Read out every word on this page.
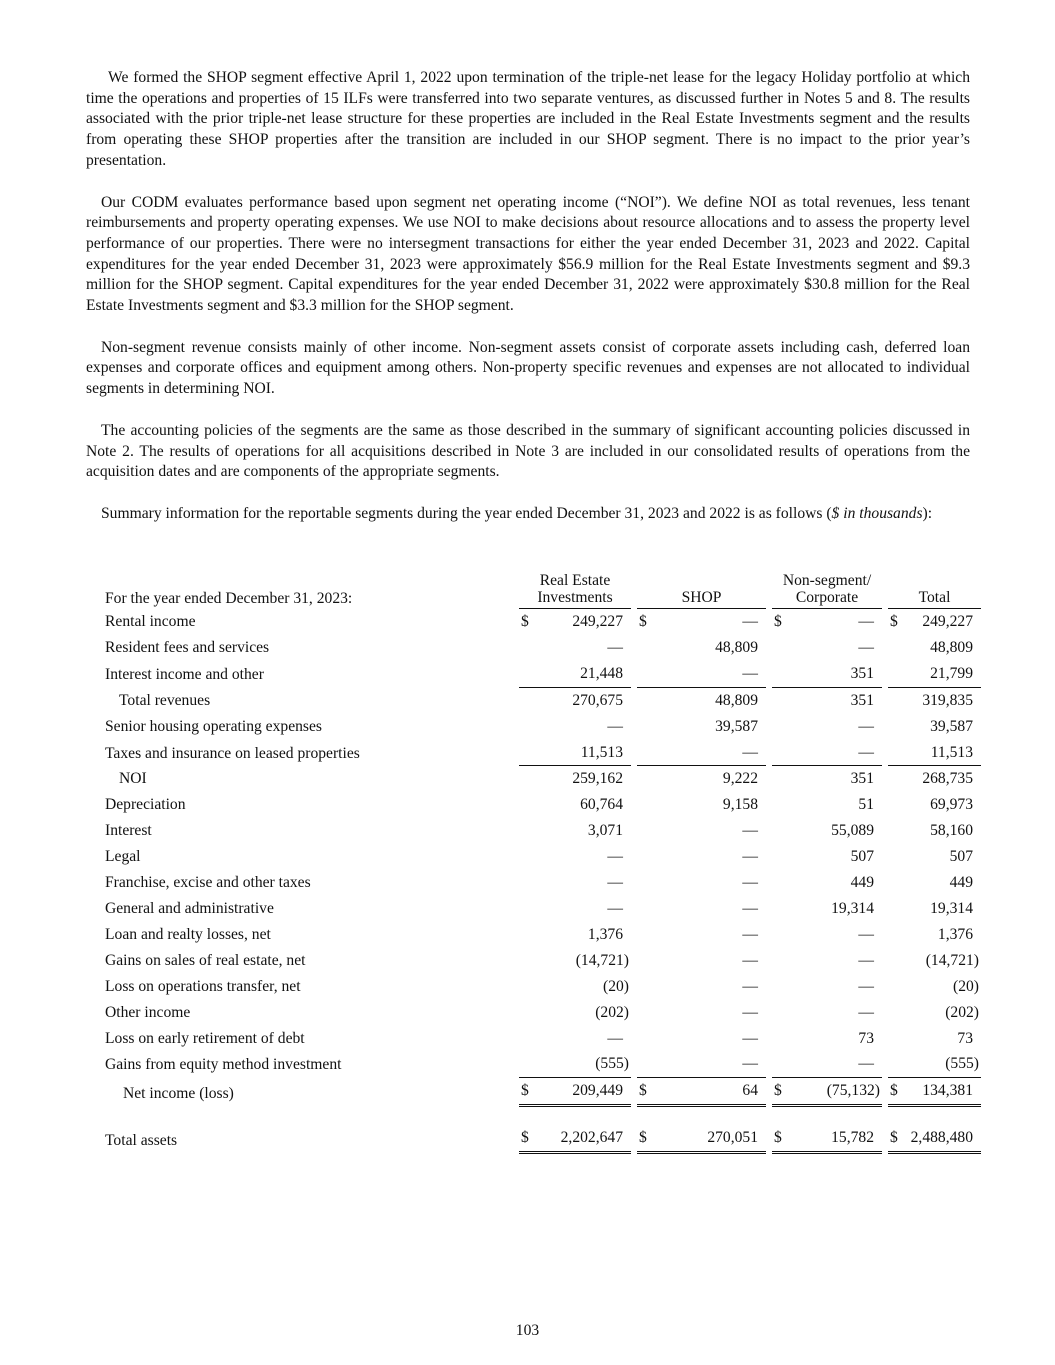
We formed the SHOP segment effective April 1, 2022 upon termination of the triple-net lease for the legacy Holiday portfolio at which time the operations and properties of 15 ILFs were transferred into two separate ventures, as discussed further in Notes 5 and 8. The results associated with the prior triple-net lease structure for these properties are included in the Real Estate Investments segment and the results from operating these SHOP properties after the transition are included in our SHOP segment. There is no impact to the prior year’s presentation.

Our CODM evaluates performance based upon segment net operating income (“NOI”). We define NOI as total revenues, less tenant reimbursements and property operating expenses. We use NOI to make decisions about resource allocations and to assess the property level performance of our properties. There were no intersegment transactions for either the year ended December 31, 2023 and 2022. Capital expenditures for the year ended December 31, 2023 were approximately $56.9 million for the Real Estate Investments segment and $9.3 million for the SHOP segment. Capital expenditures for the year ended December 31, 2022 were approximately $30.8 million for the Real Estate Investments segment and $3.3 million for the SHOP segment.

Non-segment revenue consists mainly of other income. Non-segment assets consist of corporate assets including cash, deferred loan expenses and corporate offices and equipment among others. Non-property specific revenues and expenses are not allocated to individual segments in determining NOI.

The accounting policies of the segments are the same as those described in the summary of significant accounting policies discussed in Note 2. The results of operations for all acquisitions described in Note 3 are included in our consolidated results of operations from the acquisition dates and are components of the appropriate segments.

Summary information for the reportable segments during the year ended December 31, 2023 and 2022 is as follows ($ in thousands):

For the year ended December 31, 2023:	
Real Estate
Investments		SHOP		
Non-segment/
Corporate		Total
Rental income	$ 249,227		$ —		$ —		$ 249,227

Resident fees and services	—		48,809		—		48,809

Interest income and other	21,448		—		351		21,799

Total revenues	270,675		48,809		351		319,835

Senior housing operating expenses	—		39,587		—		39,587

Taxes and insurance on leased properties	11,513		—		—		11,513

NOI	259,162		9,222		351		268,735

Depreciation	60,764		9,158		51		69,973

Interest	3,071		—		55,089		58,160

Legal	—		—		507		507

Franchise, excise and other taxes	—		—		449		449

General and administrative	—		—		19,314		19,314

Loan and realty losses, net	1,376		—		—		1,376

Gains on sales of real estate, net	(14,721)		—		—		(14,721)

Loss on operations transfer, net	(20)		—		—		(20)

Other income	(202)		—		—		(202)

Loss on early retirement of debt	—		—		73		73

Gains from equity method investment	(555)		—		—		(555)

Net income (loss)	$ 209,449		$ 64		$ (75,132)		$ 134,381

Total assets	$ 2,202,647		$ 270,051		$ 15,782		$ 2,488,480
103
